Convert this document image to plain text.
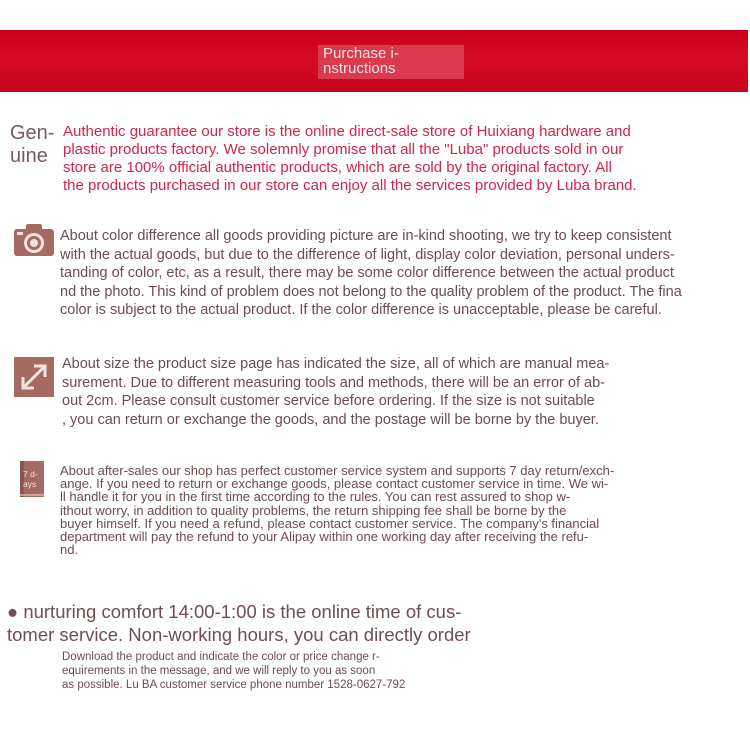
Purchase i-
nstructions
Gen-
uine
Authentic guarantee our store is the online direct-sale store of Huixiang hardware and
plastic products factory. We solemnly promise that all the "Luba" products sold in our
store are 100% official authentic products, which are sold by the original factory. All
the products purchased in our store can enjoy all the services provided by Luba brand.
About color difference all goods providing picture are in-kind shooting, we try to keep consistent
with the actual goods, but due to the difference of light, display color deviation, personal unders-
tanding of color, etc, as a result, there may be some color difference between the actual product
nd the photo. This kind of problem does not belong to the quality problem of the product. The fina
color is subject to the actual product. If the color difference is unacceptable, please be careful.
About size the product size page has indicated the size, all of which are manual mea-
surement. Due to different measuring tools and methods, there will be an error of ab-
out 2cm. Please consult customer service before ordering. If the size is not suitable
, you can return or exchange the goods, and the postage will be borne by the buyer.
7 d-
ays
About after-sales our shop has perfect customer service system and supports 7 day return/exch-
ange. If you need to return or exchange goods, please contact customer service in time. We wi-
ll handle it for you in the first time according to the rules. You can rest assured to shop w-
ithout worry, in addition to quality problems, the return shipping fee shall be borne by the
buyer himself. If you need a refund, please contact customer service. The company's financial
department will pay the refund to your Alipay within one working day after receiving the refu-
nd.
● nurturing comfort 14:00-1:00 is the online time of cus-
tomer service. Non-working hours, you can directly order
Download the product and indicate the color or price change r-
equirements in the message, and we will reply to you as soon
as possible. Lu BA customer service phone number 1528-0627-792
